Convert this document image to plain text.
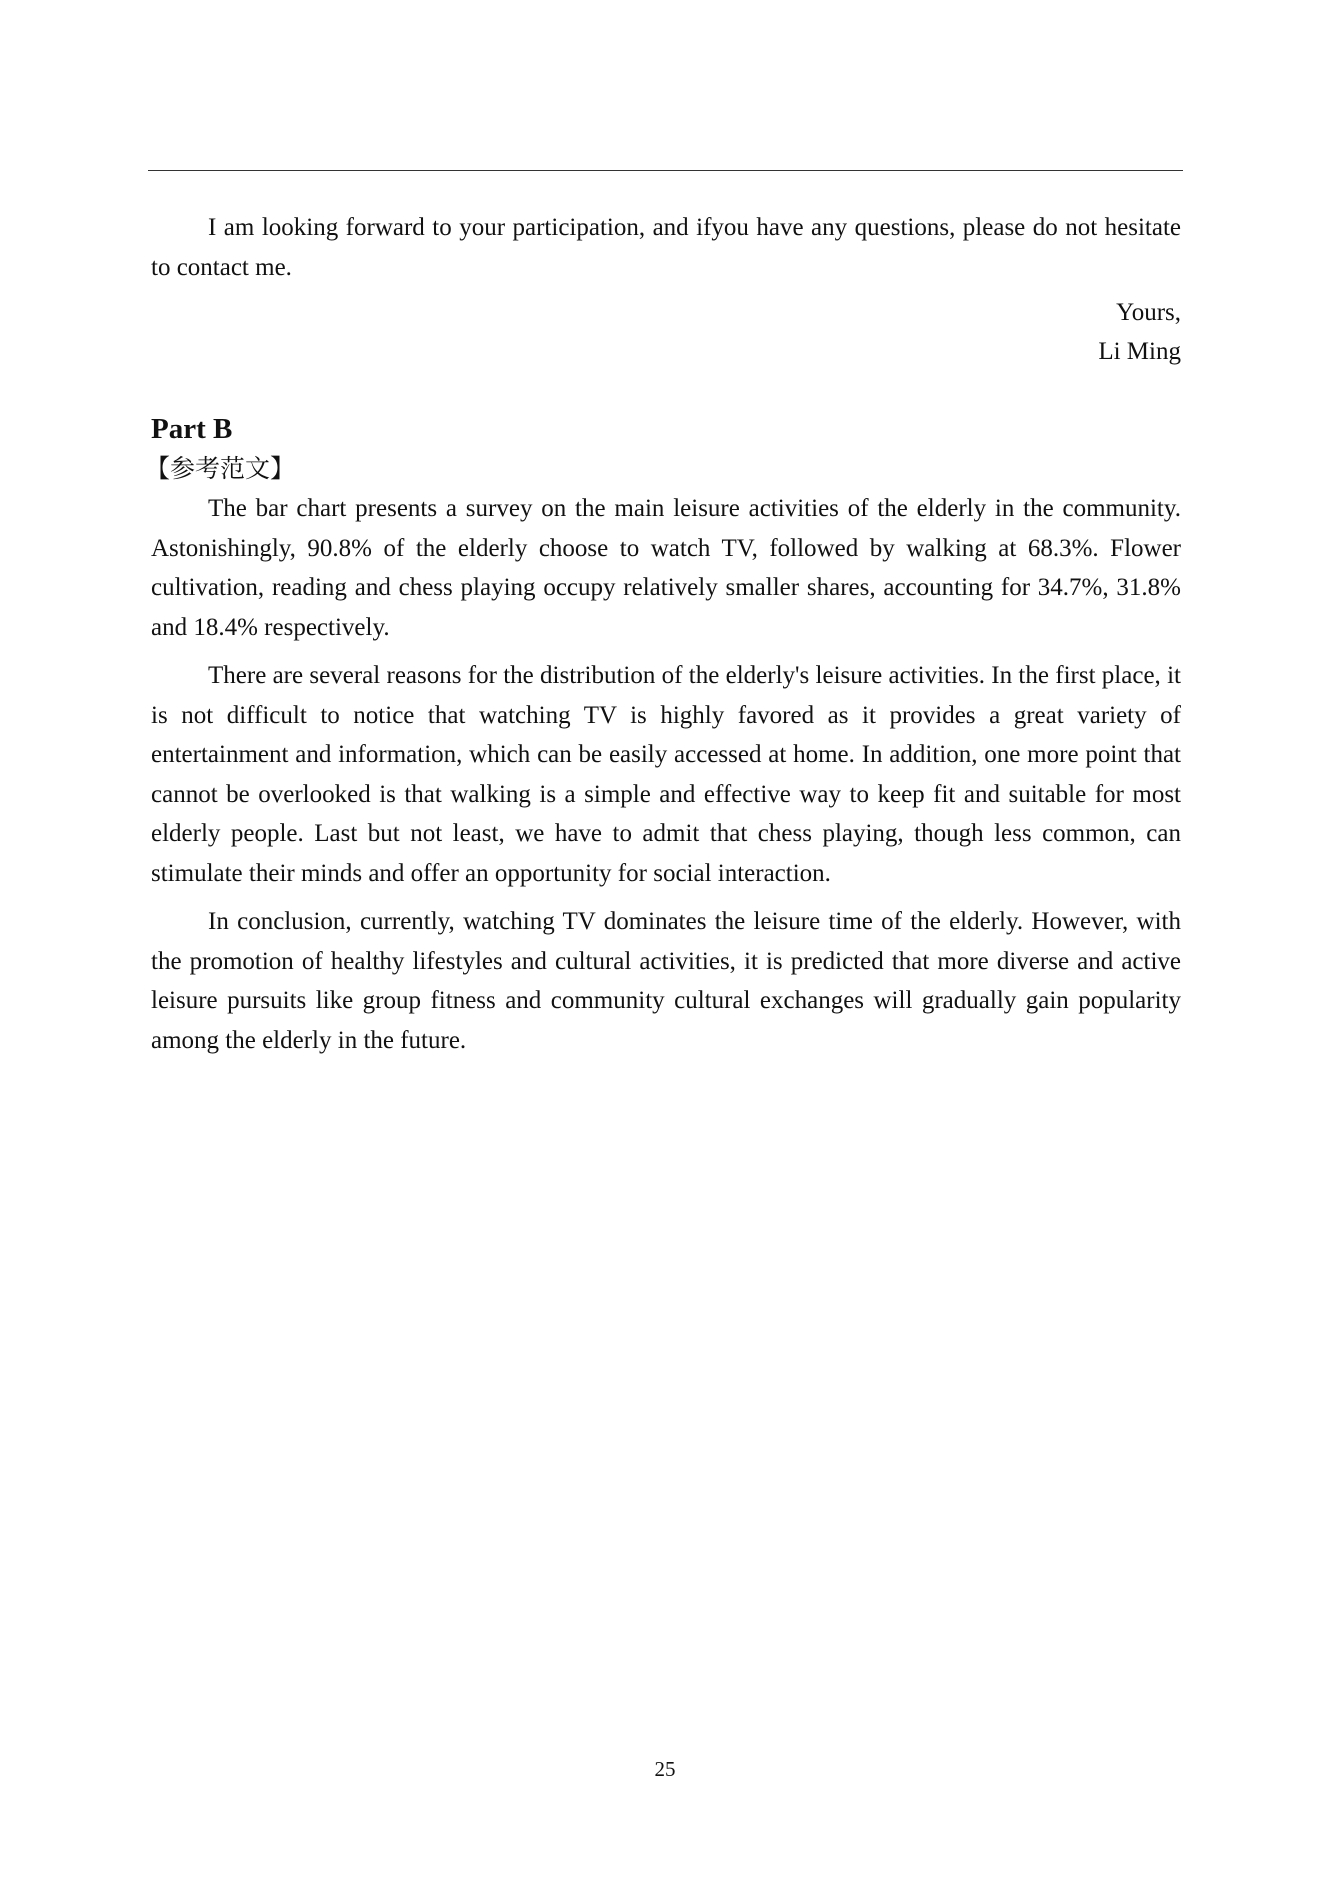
I am looking forward to your participation, and ifyou have any questions, please do not hesitate to contact me.

Yours,

Li Ming

Part B
【参考范文】

The bar chart presents a survey on the main leisure activities of the elderly in the community. Astonishingly, 90.8% of the elderly choose to watch TV, followed by walking at 68.3%. Flower cultivation, reading and chess playing occupy relatively smaller shares, accounting for 34.7%, 31.8% and 18.4% respectively.

There are several reasons for the distribution of the elderly's leisure activities. In the first place, it is not difficult to notice that watching TV is highly favored as it provides a great variety of entertainment and information, which can be easily accessed at home. In addition, one more point that cannot be overlooked is that walking is a simple and effective way to keep fit and suitable for most elderly people. Last but not least, we have to admit that chess playing, though less common, can stimulate their minds and offer an opportunity for social interaction.

In conclusion, currently, watching TV dominates the leisure time of the elderly. However, with the promotion of healthy lifestyles and cultural activities, it is predicted that more diverse and active leisure pursuits like group fitness and community cultural exchanges will gradually gain popularity among the elderly in the future.

25
